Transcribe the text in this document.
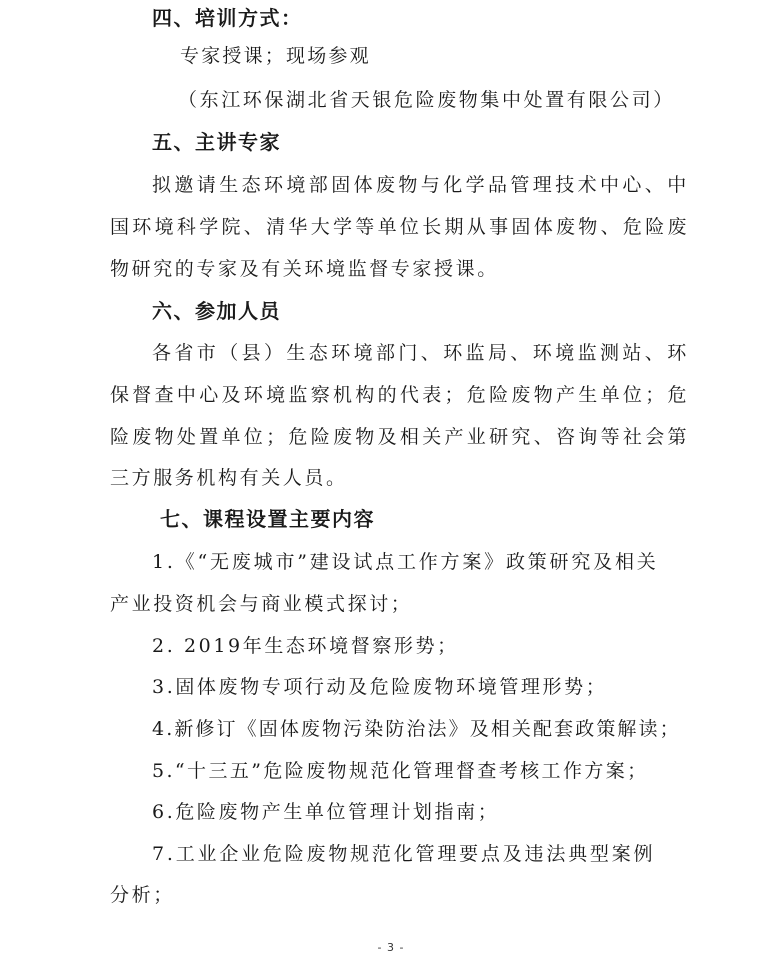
四、培训方式：
专家授课；现场参观
（东江环保湖北省天银危险废物集中处置有限公司）
五、主讲专家
拟邀请生态环境部固体废物与化学品管理技术中心、中
国环境科学院、清华大学等单位长期从事固体废物、危险废
物研究的专家及有关环境监督专家授课。
六、参加人员
各省市（县）生态环境部门、环监局、环境监测站、环
保督查中心及环境监察机构的代表；危险废物产生单位；危
险废物处置单位；危险废物及相关产业研究、咨询等社会第
三方服务机构有关人员。
七、课程设置主要内容
1.《“无废城市”建设试点工作方案》政策研究及相关
产业投资机会与商业模式探讨；
2. 2019年生态环境督察形势；
3.固体废物专项行动及危险废物环境管理形势；
4.新修订《固体废物污染防治法》及相关配套政策解读；
5.“十三五”危险废物规范化管理督查考核工作方案；
6.危险废物产生单位管理计划指南；
7.工业企业危险废物规范化管理要点及违法典型案例
分析；
- 3 -
